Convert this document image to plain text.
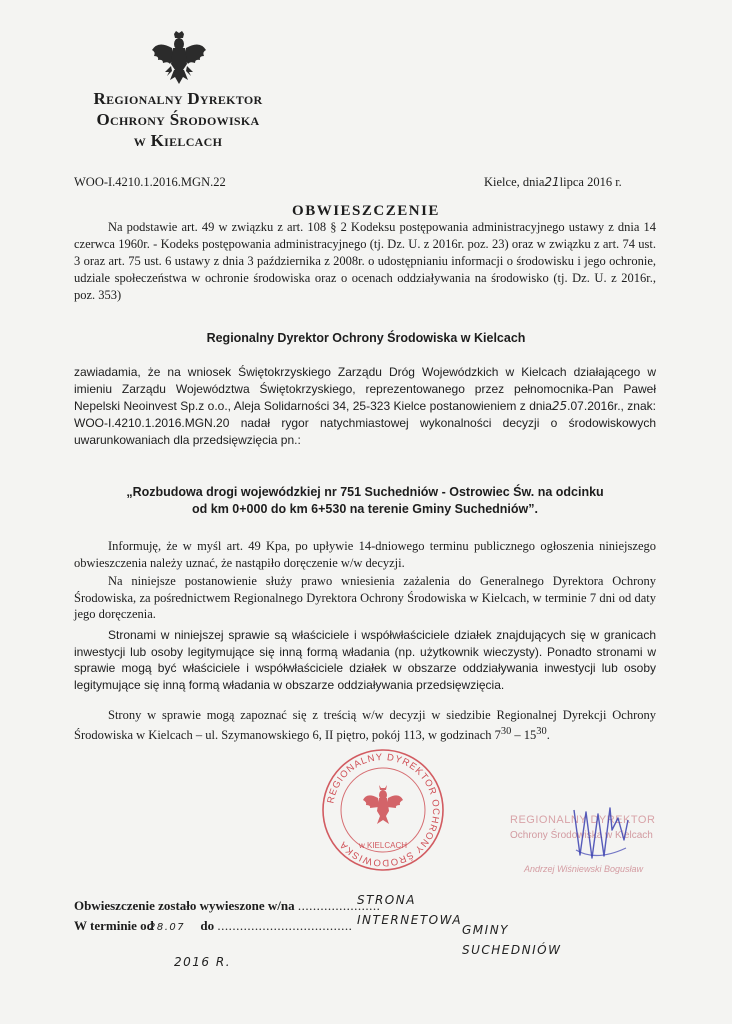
Regionalny Dyrektor
Ochrony Środowiska
w Kielcach
WOO-I.4210.1.2016.MGN.22	Kielce, dnia21lipca 2016 r.
OBWIESZCZENIE
Na podstawie art. 49 w związku z art. 108 § 2 Kodeksu postępowania administracyjnego ustawy z dnia 14 czerwca 1960r. - Kodeks postępowania administracyjnego (tj. Dz. U. z 2016r. poz. 23) oraz w związku z art. 74 ust. 3 oraz art. 75 ust. 6 ustawy z dnia 3 października z 2008r. o udostępnianiu informacji o środowisku i jego ochronie, udziale społeczeństwa w ochronie środowiska oraz o ocenach oddziaływania na środowisko (tj. Dz. U. z 2016r., poz. 353)
Regionalny Dyrektor Ochrony Środowiska w Kielcach
zawiadamia, że na wniosek Świętokrzyskiego Zarządu Dróg Wojewódzkich w Kielcach działającego w imieniu Zarządu Województwa Świętokrzyskiego, reprezentowanego przez pełnomocnika-Pan Paweł Nepelski Neoinvest Sp.z o.o., Aleja Solidarności 34, 25-323 Kielce postanowieniem z dnia25.07.2016r., znak: WOO-I.4210.1.2016.MGN.20 nadał rygor natychmiastowej wykonalności decyzji o środowiskowych uwarunkowaniach dla przedsięwzięcia pn.:
„Rozbudowa drogi wojewódzkiej nr 751 Suchedniów - Ostrowiec Św. na odcinku
od km 0+000 do km 6+530 na terenie Gminy Suchedniów”.
Informuję, że w myśl art. 49 Kpa, po upływie 14-dniowego terminu publicznego ogłoszenia niniejszego obwieszczenia należy uznać, że nastąpiło doręczenie w/w decyzji.
Na niniejsze postanowienie służy prawo wniesienia zażalenia do Generalnego Dyrektora Ochrony Środowiska, za pośrednictwem Regionalnego Dyrektora Ochrony Środowiska w Kielcach, w terminie 7 dni od daty jego doręczenia.
Stronami w niniejszej sprawie są właściciele i współwłaściciele działek znajdujących się w granicach inwestycji lub osoby legitymujące się inną formą władania (np. użytkownik wieczysty). Ponadto stronami w sprawie mogą być właściciele i współwłaściciele działek w obszarze oddziaływania inwestycji lub osoby legitymujące się inną formą władania w obszarze oddziaływania przedsięwzięcia.
Strony w sprawie mogą zapoznać się z treścią w/w decyzji w siedzibie Regionalnej Dyrekcji Ochrony Środowiska w Kielcach – ul. Szymanowskiego 6, II piętro, pokój 113, w godzinach $7^{30} - 15^{30}$.
REGIONALNY DYREKTOR OCHRONY ŚRODOWISKA	w KIELCACH
REGIONALNY DYREKTOR
Ochrony Środowiska w Kielcach
Andrzej Wiśniewski Bogusław
Obwieszczenie zostało wywieszone w/na ......................
STRONA INTERNETOWA
W terminie od	do ....................................
28.07	GMINY SUCHEDNIÓW
2016 R.
